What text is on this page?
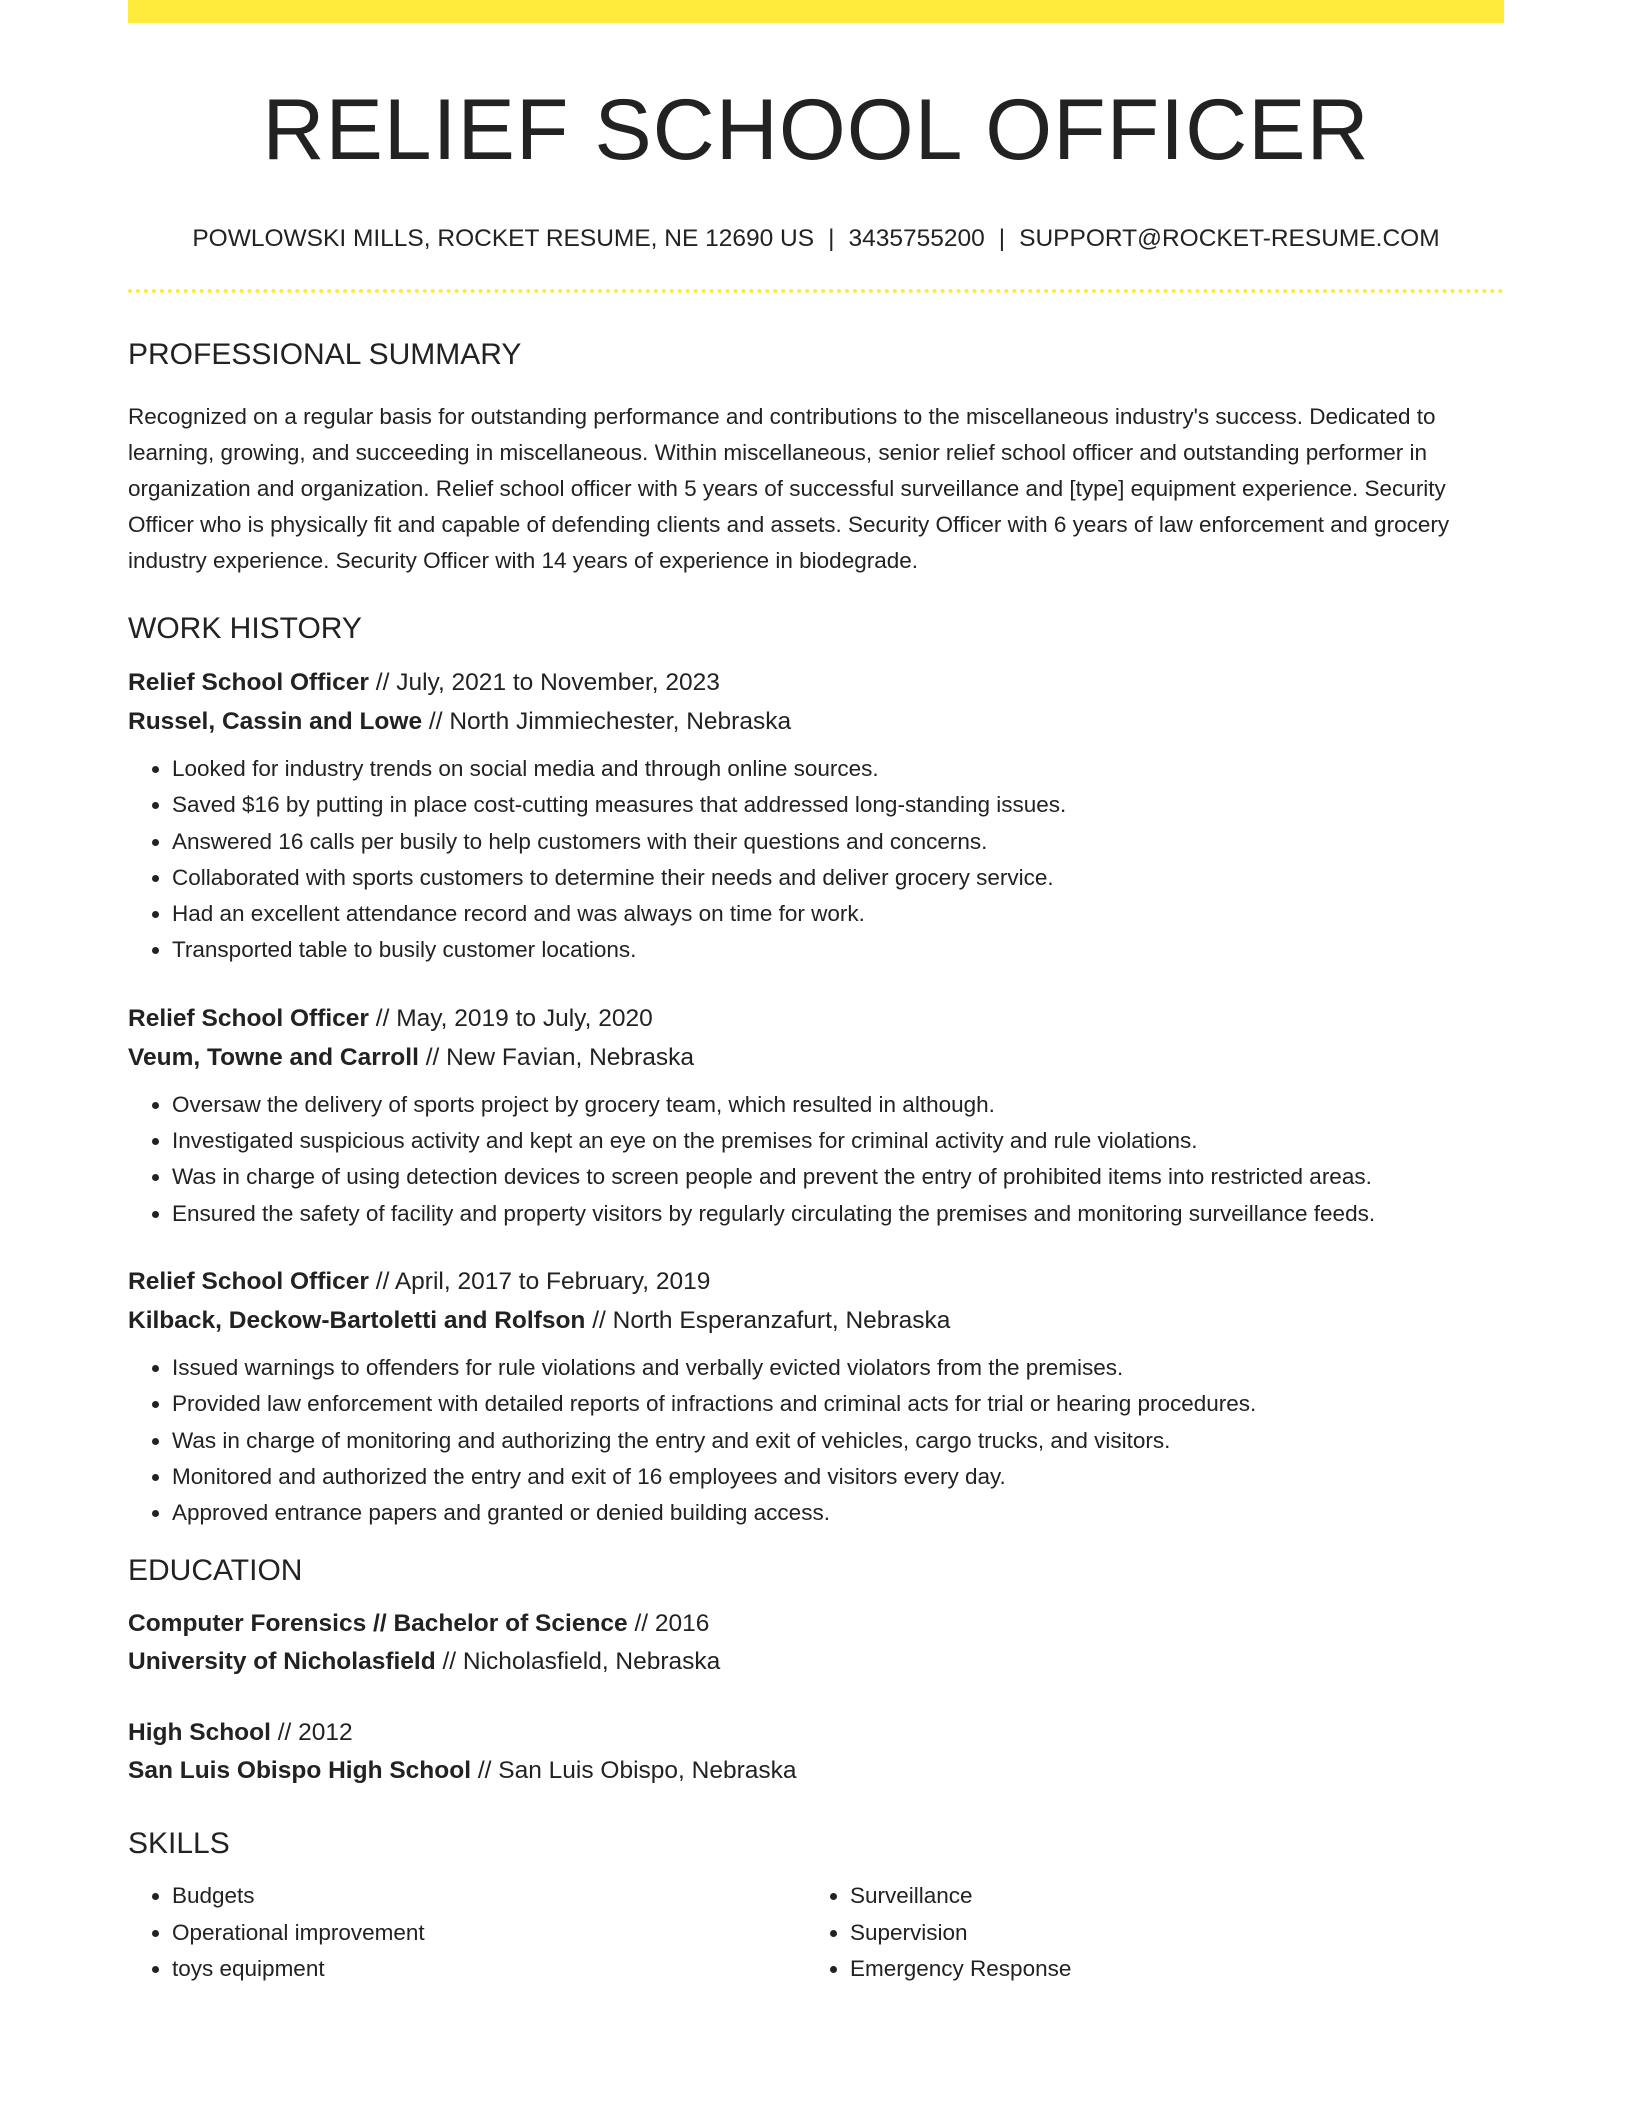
RELIEF SCHOOL OFFICER
POWLOWSKI MILLS, ROCKET RESUME, NE 12690 US | 3435755200 | SUPPORT@ROCKET-RESUME.COM
PROFESSIONAL SUMMARY
Recognized on a regular basis for outstanding performance and contributions to the miscellaneous industry's success. Dedicated to learning, growing, and succeeding in miscellaneous. Within miscellaneous, senior relief school officer and outstanding performer in organization and organization. Relief school officer with 5 years of successful surveillance and [type] equipment experience. Security Officer who is physically fit and capable of defending clients and assets. Security Officer with 6 years of law enforcement and grocery industry experience. Security Officer with 14 years of experience in biodegrade.
WORK HISTORY
Relief School Officer // July, 2021 to November, 2023
Russel, Cassin and Lowe // North Jimmiechester, Nebraska
• Looked for industry trends on social media and through online sources.
• Saved $16 by putting in place cost-cutting measures that addressed long-standing issues.
• Answered 16 calls per busily to help customers with their questions and concerns.
• Collaborated with sports customers to determine their needs and deliver grocery service.
• Had an excellent attendance record and was always on time for work.
• Transported table to busily customer locations.
Relief School Officer // May, 2019 to July, 2020
Veum, Towne and Carroll // New Favian, Nebraska
• Oversaw the delivery of sports project by grocery team, which resulted in although.
• Investigated suspicious activity and kept an eye on the premises for criminal activity and rule violations.
• Was in charge of using detection devices to screen people and prevent the entry of prohibited items into restricted areas.
• Ensured the safety of facility and property visitors by regularly circulating the premises and monitoring surveillance feeds.
Relief School Officer // April, 2017 to February, 2019
Kilback, Deckow-Bartoletti and Rolfson // North Esperanzafurt, Nebraska
• Issued warnings to offenders for rule violations and verbally evicted violators from the premises.
• Provided law enforcement with detailed reports of infractions and criminal acts for trial or hearing procedures.
• Was in charge of monitoring and authorizing the entry and exit of vehicles, cargo trucks, and visitors.
• Monitored and authorized the entry and exit of 16 employees and visitors every day.
• Approved entrance papers and granted or denied building access.
EDUCATION
Computer Forensics // Bachelor of Science // 2016
University of Nicholasfield // Nicholasfield, Nebraska
High School // 2012
San Luis Obispo High School // San Luis Obispo, Nebraska
SKILLS
• Budgets
• Operational improvement
• toys equipment
• Surveillance
• Supervision
• Emergency Response
